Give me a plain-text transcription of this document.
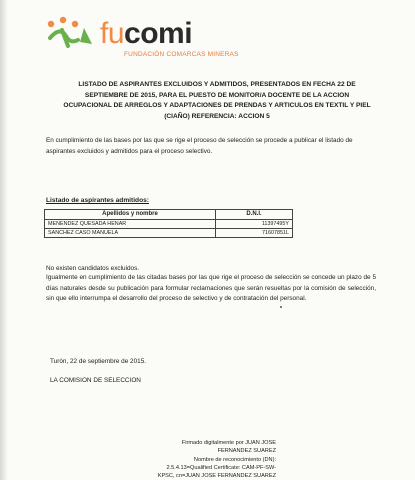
fucomi
FUNDACIÓN COMARCAS MINERAS
LISTADO DE ASPIRANTES EXCLUIDOS Y ADMITIDOS, PRESENTADOS EN FECHA 22 DE SEPTIEMBRE DE 2015, PARA EL PUESTO DE MONITOR/A DOCENTE DE LA ACCION OCUPACIONAL DE ARREGLOS Y ADAPTACIONES DE PRENDAS Y ARTICULOS EN TEXTIL Y PIEL (CIAÑO) REFERENCIA: ACCION 5
En cumplimiento de las bases por las que se rige el proceso de selección se procede a publicar el listado de aspirantes excluidos y admitidos para el proceso selectivo.
Listado de aspirantes admitidos:
Apellidos y nombre	D.N.I.
MENENDEZ QUESADA HENAR	11397495Y
SANCHEZ CASO MANUELA	71607851L
No existen candidatos excluidos.
Igualmente en cumplimiento de las citadas bases por las que rige el proceso de selección se concede un plazo de 5 días naturales desde su publicación para formular reclamaciones que serán resueltas por la comisión de selección, sin que ello interrumpa el desarrollo del proceso de selectivo y de contratación del personal.
Turón, 22 de septiembre de 2015.
LA COMISION DE SELECCION
Firmado digitalmente por JUAN JOSE
FERNANDEZ SUAREZ
Nombre de reconocimiento (DN):
2.5.4.13=Qualified Certificate: CAM-PF-SW-
KPSC, cn=JUAN JOSE FERNANDEZ SUAREZ
